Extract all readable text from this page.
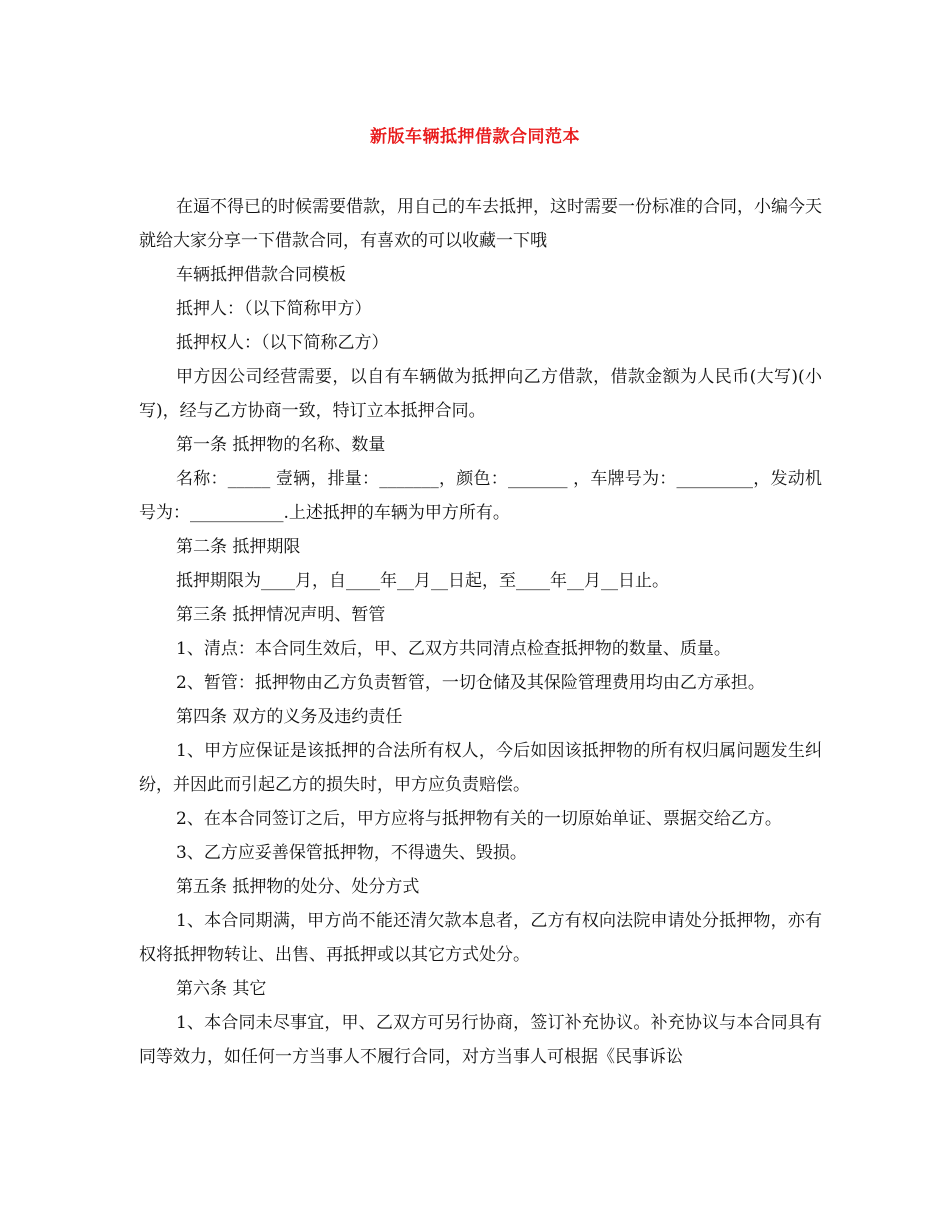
新版车辆抵押借款合同范本

在逼不得已的时候需要借款，用自己的车去抵押，这时需要一份标准的合同，小编今天就给大家分享一下借款合同，有喜欢的可以收藏一下哦

车辆抵押借款合同模板

抵押人：（以下简称甲方）

抵押权人：（以下简称乙方）

甲方因公司经营需要，以自有车辆做为抵押向乙方借款，借款金额为人民币(大写)(小写)，经与乙方协商一致，特订立本抵押合同。

第一条 抵押物的名称、数量

名称：_____ 壹辆，排量：_______，颜色：_______ ，车牌号为：_________，发动机号为：___________.上述抵押的车辆为甲方所有。

第二条 抵押期限

抵押期限为____月，自____年__月__日起，至____年__月__日止。

第三条 抵押情况声明、暂管

1、清点：本合同生效后，甲、乙双方共同清点检查抵押物的数量、质量。

2、暂管：抵押物由乙方负责暂管，一切仓储及其保险管理费用均由乙方承担。

第四条 双方的义务及违约责任

1、甲方应保证是该抵押的合法所有权人，今后如因该抵押物的所有权归属问题发生纠纷，并因此而引起乙方的损失时，甲方应负责赔偿。

2、在本合同签订之后，甲方应将与抵押物有关的一切原始单证、票据交给乙方。

3、乙方应妥善保管抵押物，不得遗失、毁损。

第五条 抵押物的处分、处分方式

1、本合同期满，甲方尚不能还清欠款本息者，乙方有权向法院申请处分抵押物，亦有权将抵押物转让、出售、再抵押或以其它方式处分。

第六条 其它

1、本合同未尽事宜，甲、乙双方可另行协商，签订补充协议。补充协议与本合同具有同等效力，如任何一方当事人不履行合同，对方当事人可根据《民事诉讼
